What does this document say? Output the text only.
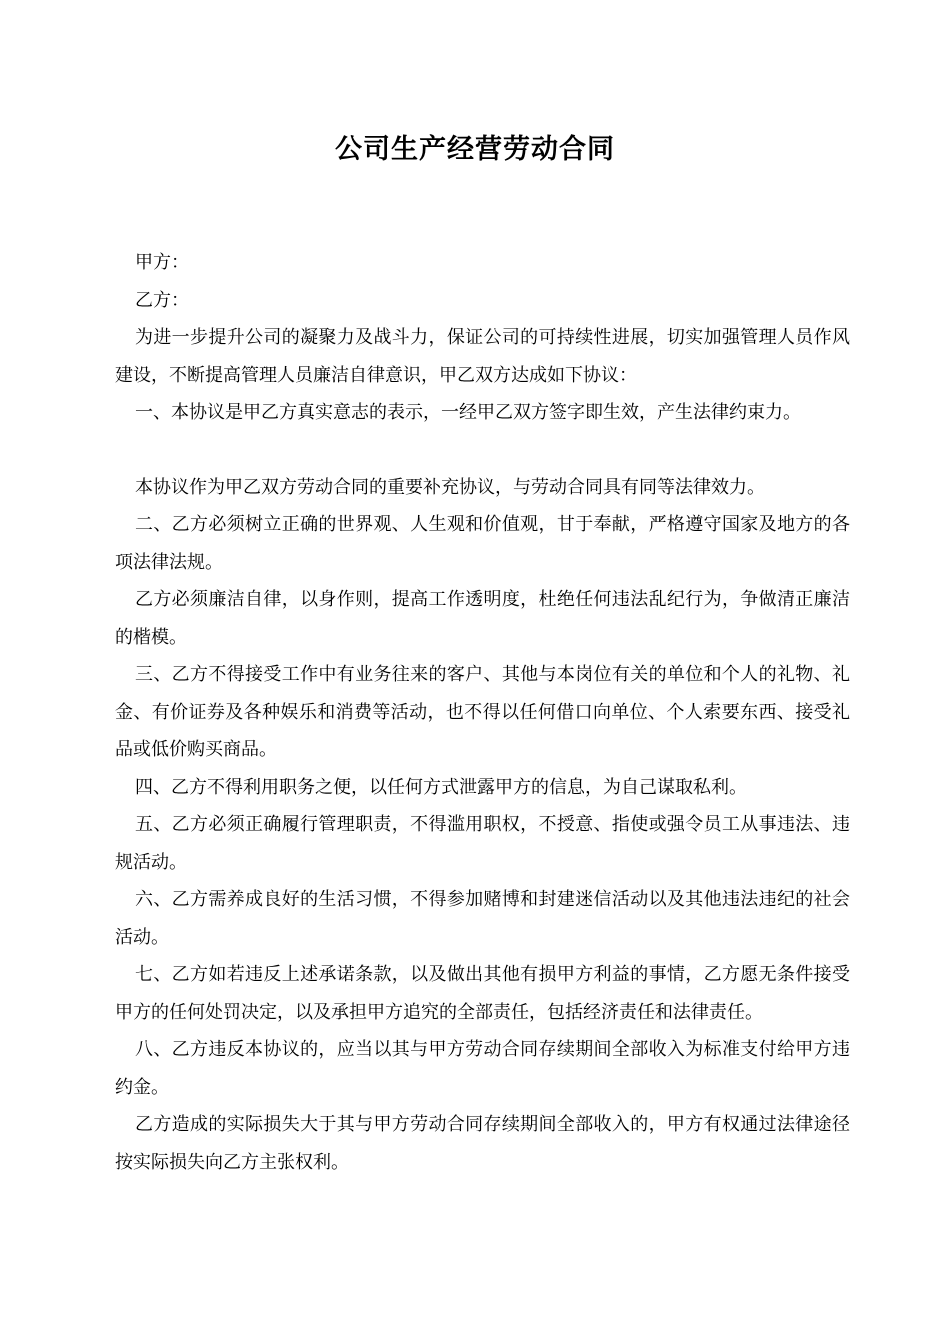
公司生产经营劳动合同

甲方：

乙方：

为进一步提升公司的凝聚力及战斗力，保证公司的可持续性进展，切实加强管理人员作风建设，不断提高管理人员廉洁自律意识，甲乙双方达成如下协议：

一、本协议是甲乙方真实意志的表示，一经甲乙双方签字即生效，产生法律约束力。

本协议作为甲乙双方劳动合同的重要补充协议，与劳动合同具有同等法律效力。

二、乙方必须树立正确的世界观、人生观和价值观，甘于奉献，严格遵守国家及地方的各项法律法规。

乙方必须廉洁自律，以身作则，提高工作透明度，杜绝任何违法乱纪行为，争做清正廉洁的楷模。

三、乙方不得接受工作中有业务往来的客户、其他与本岗位有关的单位和个人的礼物、礼金、有价证券及各种娱乐和消费等活动，也不得以任何借口向单位、个人索要东西、接受礼品或低价购买商品。

四、乙方不得利用职务之便，以任何方式泄露甲方的信息，为自己谋取私利。

五、乙方必须正确履行管理职责，不得滥用职权，不授意、指使或强令员工从事违法、违规活动。

六、乙方需养成良好的生活习惯，不得参加赌博和封建迷信活动以及其他违法违纪的社会活动。

七、乙方如若违反上述承诺条款，以及做出其他有损甲方利益的事情，乙方愿无条件接受甲方的任何处罚决定，以及承担甲方追究的全部责任，包括经济责任和法律责任。

八、乙方违反本协议的，应当以其与甲方劳动合同存续期间全部收入为标准支付给甲方违约金。

乙方造成的实际损失大于其与甲方劳动合同存续期间全部收入的，甲方有权通过法律途径按实际损失向乙方主张权利。
